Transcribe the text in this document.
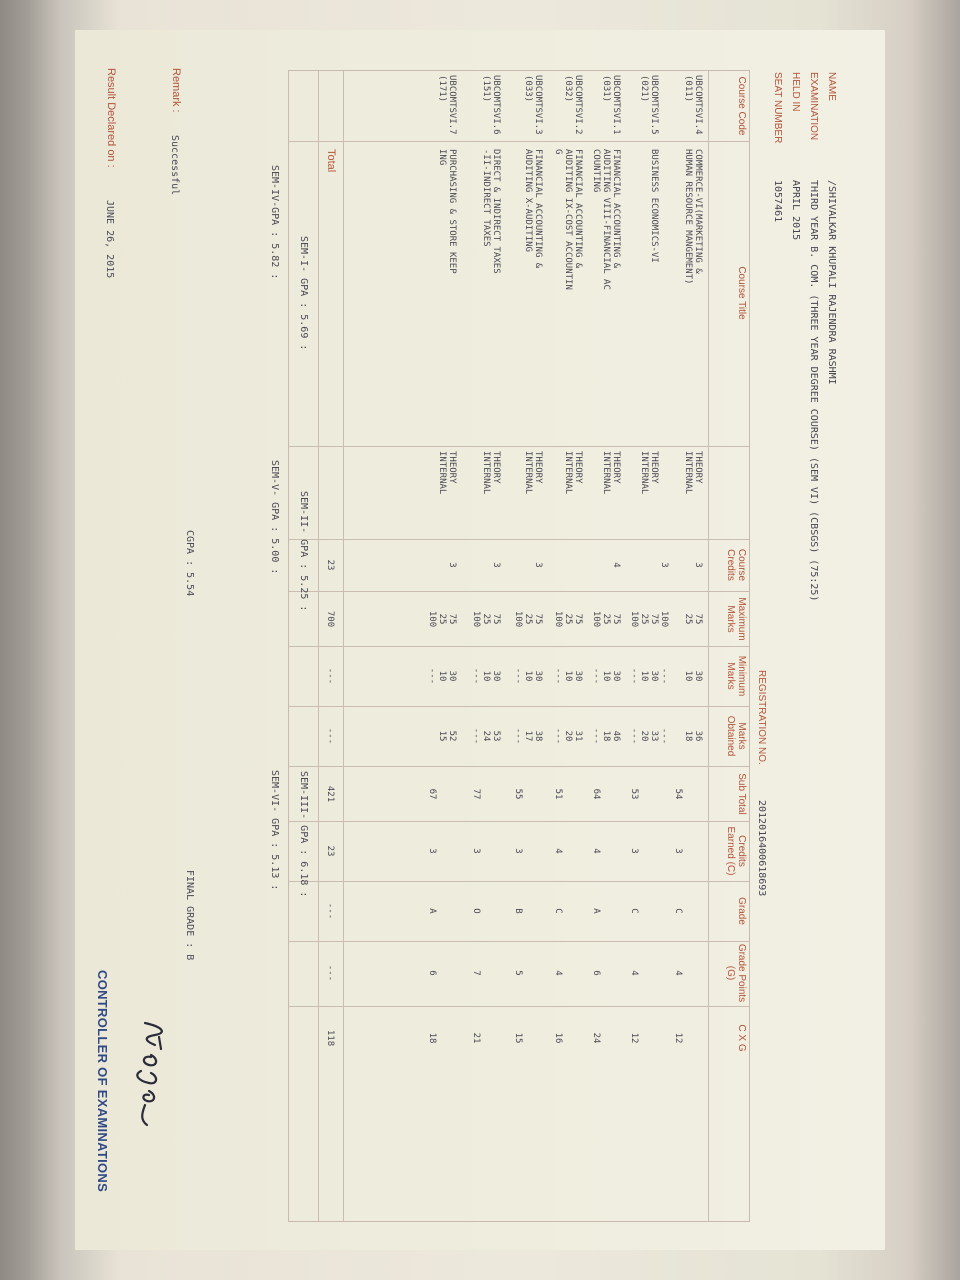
NAME
/SHIVALKAR KHUPALI RAJENDRA RASHMI
EXAMINATION
THIRD YEAR B. COM. (THREE YEAR DEGREE COURSE) (SEM VI) (CBSGS) (75:25)
HELD IN
APRIL 2015
SEAT NUMBER
1057461
REGISTRATION NO.
2012016400618693
Course Code
Course Title
Course Credits
Maximum Marks
Minimum Marks
Marks Obtained
Sub Total
Credits Earned (C)
Grade
Grade Points (G)
C X G
UBCOMTSVI.4
(011)
COMMERCE-VI(MARKETING &
HUMAN RESOURCE MANGEMENT)
THEORY
INTERNAL
3
75
25
30
10
36
18
54
3
C
4
12
UBCOMTSVI.5
(021)
BUSINESS ECONOMICS-VI
THEORY
INTERNAL
3
100
75
---
30
---
33
25
100
10
---
20
---
53
3
C
4
12
UBCOMTSVI.1
(031)
FINANCIAL ACCOUNTING &
AUDITING VIII-FINANCIAL AC
COUNTING
THEORY
INTERNAL
4
75
25
30
10
46
18
100
---
---
64
4
A
6
24
UBCOMTSVI.2
(032)
FINANCIAL ACCOUNTING &
AUDITING IX-COST ACCOUNTIN
G
THEORY
INTERNAL
75
25
30
10
31
20
100
---
---
51
4
C
4
16
UBCOMTSVI.3
(033)
FINANCIAL ACCOUNTING &
AUDITING X-AUDITING
THEORY
INTERNAL
3
75
25
30
10
38
17
100
---
---
55
3
B
5
15
UBCOMTSVI.6
(151)
DIRECT & INDIRECT TAXES
-II-INDIRECT TAXES
THEORY
INTERNAL
3
75
25
30
10
53
24
100
---
---
77
3
O
7
21
UBCOMTSVI.7
(171)
PURCHASING & STORE KEEP
ING
THEORY
INTERNAL
3
75
25
30
10
52
15
100
---
67
3
A
6
18
Total
23
700
---
---
421
23
---
---
118
SEM-I- GPA : 5.69 :
SEM-II- GPA : 5.25 :
SEM-III- GPA : 6.18 :
SEM-IV-GPA : 5.82 :
SEM-V- GPA : 5.00 :
SEM-VI- GPA : 5.13 :
CGPA : 5.54
FINAL GRADE : B
Remark :
Successful
Result Declared on :
JUNE 26, 2015
CONTROLLER OF EXAMINATIONS
